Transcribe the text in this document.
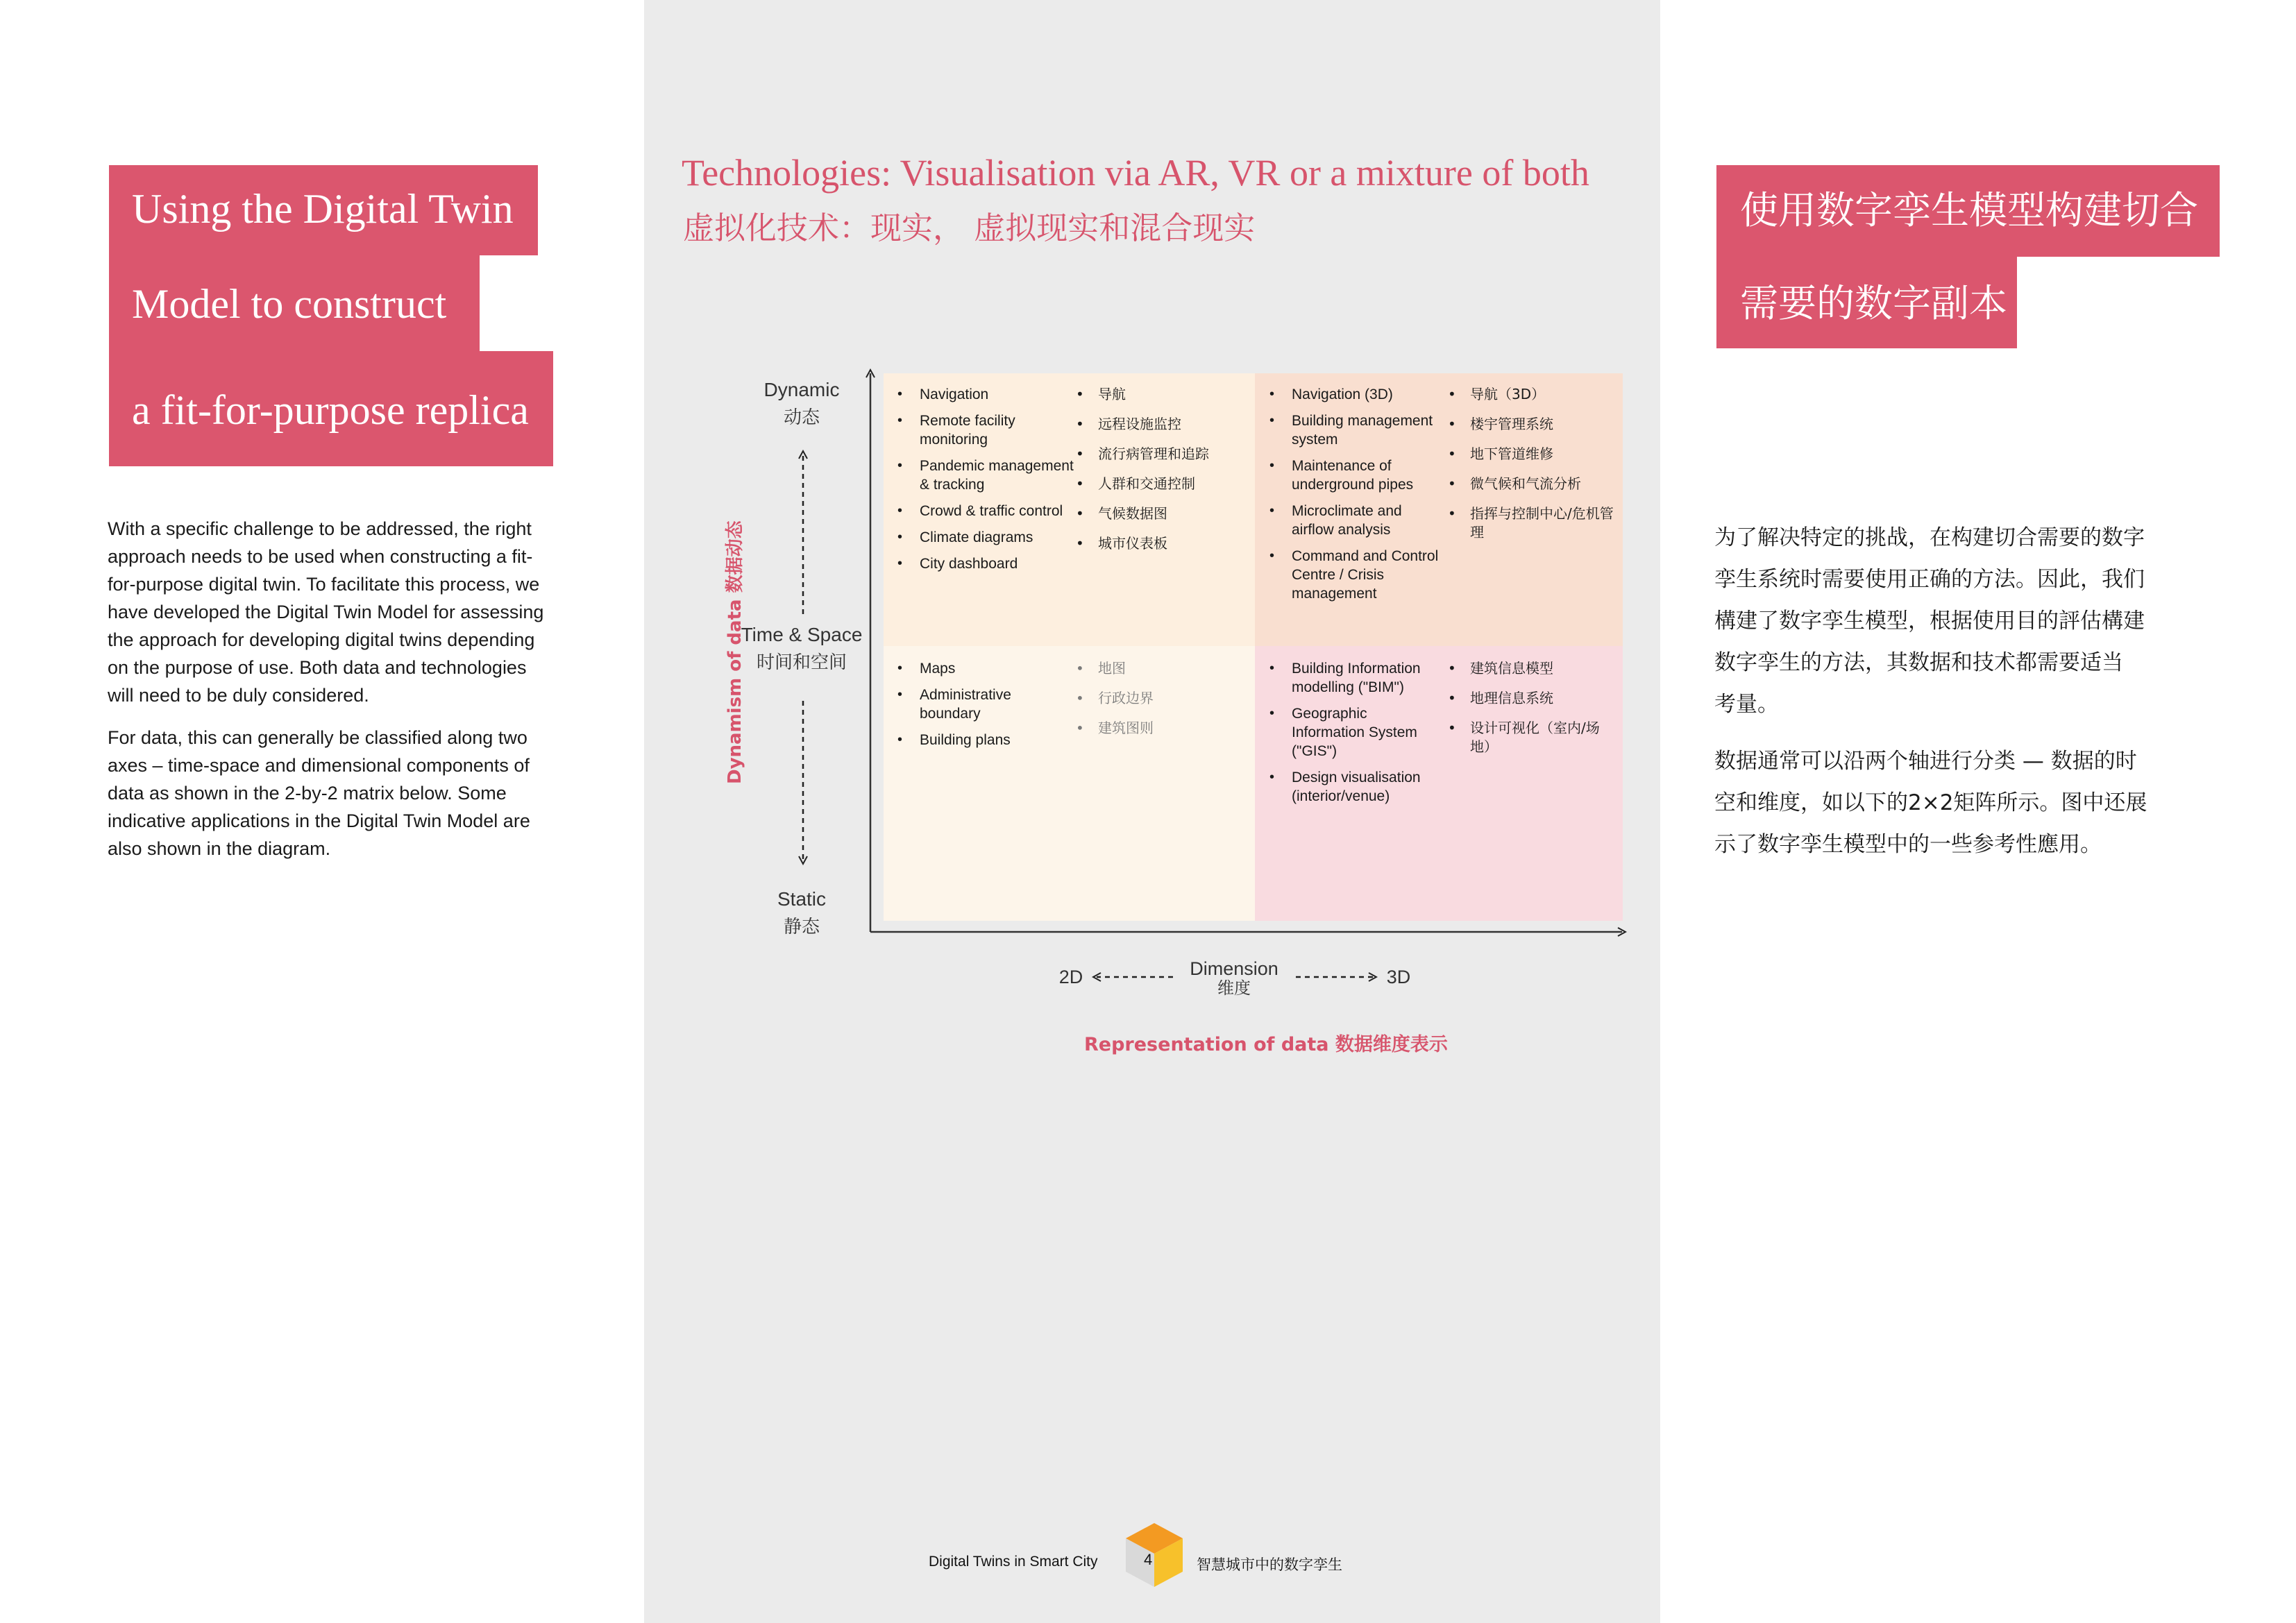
Using the Digital Twin
Model to construct
a fit-for-purpose replica
With a specific challenge to be addressed, the right
approach needs to be used when constructing a fit-
for-purpose digital twin. To facilitate this process, we
have developed the Digital Twin Model for assessing
the approach for developing digital twins depending
on the purpose of use. Both data and technologies
will need to be duly considered.
For data, this can generally be classified along two
axes – time-space and dimensional components of
data as shown in the 2-by-2 matrix below. Some
indicative applications in the Digital Twin Model are
also shown in the diagram.
Technologies: Visualisation via AR, VR or a mixture of both
虚拟化技术：现实， 虚拟现实和混合现实
• Navigation
• Remote facility monitoring
• Pandemic management & tracking
• Crowd & traffic control
• Climate diagrams
• City dashboard
• 导航
• 远程设施监控
• 流行病管理和追踪
• 人群和交通控制
• 气候数据图
• 城市仪表板
• Navigation (3D)
• Building management system
• Maintenance of underground pipes
• Microclimate and airflow analysis
• Command and Control Centre / Crisis management
• 导航（3D）
• 楼宇管理系统
• 地下管道维修
• 微气候和气流分析
• 指挥与控制中心/危机管理
• Maps
• Administrative boundary
• Building plans
• 地图
• 行政边界
• 建筑图则
• Building Information modelling ("BIM")
• Geographic Information System ("GIS")
• Design visualisation (interior/venue)
• 建筑信息模型
• 地理信息系统
• 设计可视化（室内/场地）
Dynamic
动态
Time & Space
时间和空间
Static
静态
Dynamism of data 数据动态
2D	3D
Dimension
维度
Representation of data 数据维度表示
使用数字孪生模型构建切合
需要的数字副本
为了解决特定的挑战，在构建切合需要的数字
孪生系统时需要使用正确的方法。因此，我们
構建了数字孪生模型，根据使用目的評估構建
数字孪生的方法，其数据和技术都需要适当
考量。
数据通常可以沿两个轴进行分类 — 数据的时
空和维度，如以下的2×2矩阵所示。图中还展
示了数字孪生模型中的一些参考性應用。
Digital Twins in Smart City	4	智慧城市中的数字孪生
